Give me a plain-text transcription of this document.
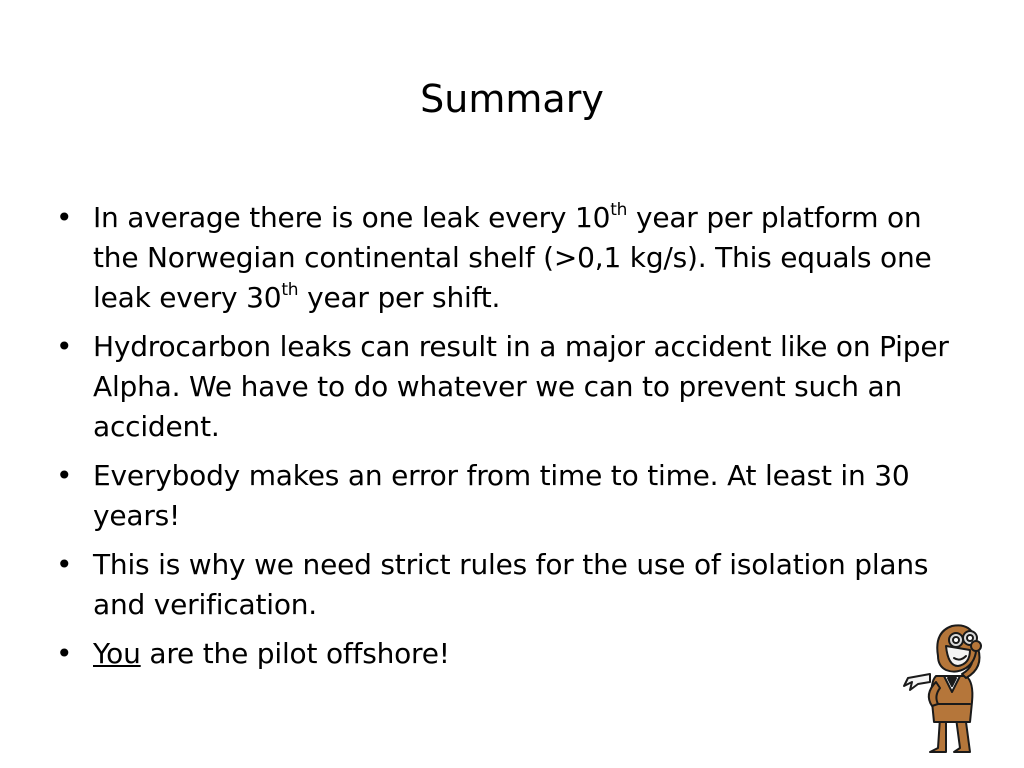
Summary
• In average there is one leak every 10th year per platform on the Norwegian continental shelf (>0,1 kg/s). This equals one leak every 30th year per shift.
• Hydrocarbon leaks can result in a major accident like on Piper Alpha. We have to do whatever we can to prevent such an accident.
• Everybody makes an error from time to time. At least in 30 years!
• This is why we need strict rules for the use of isolation plans and verification.
• You are the pilot offshore!
